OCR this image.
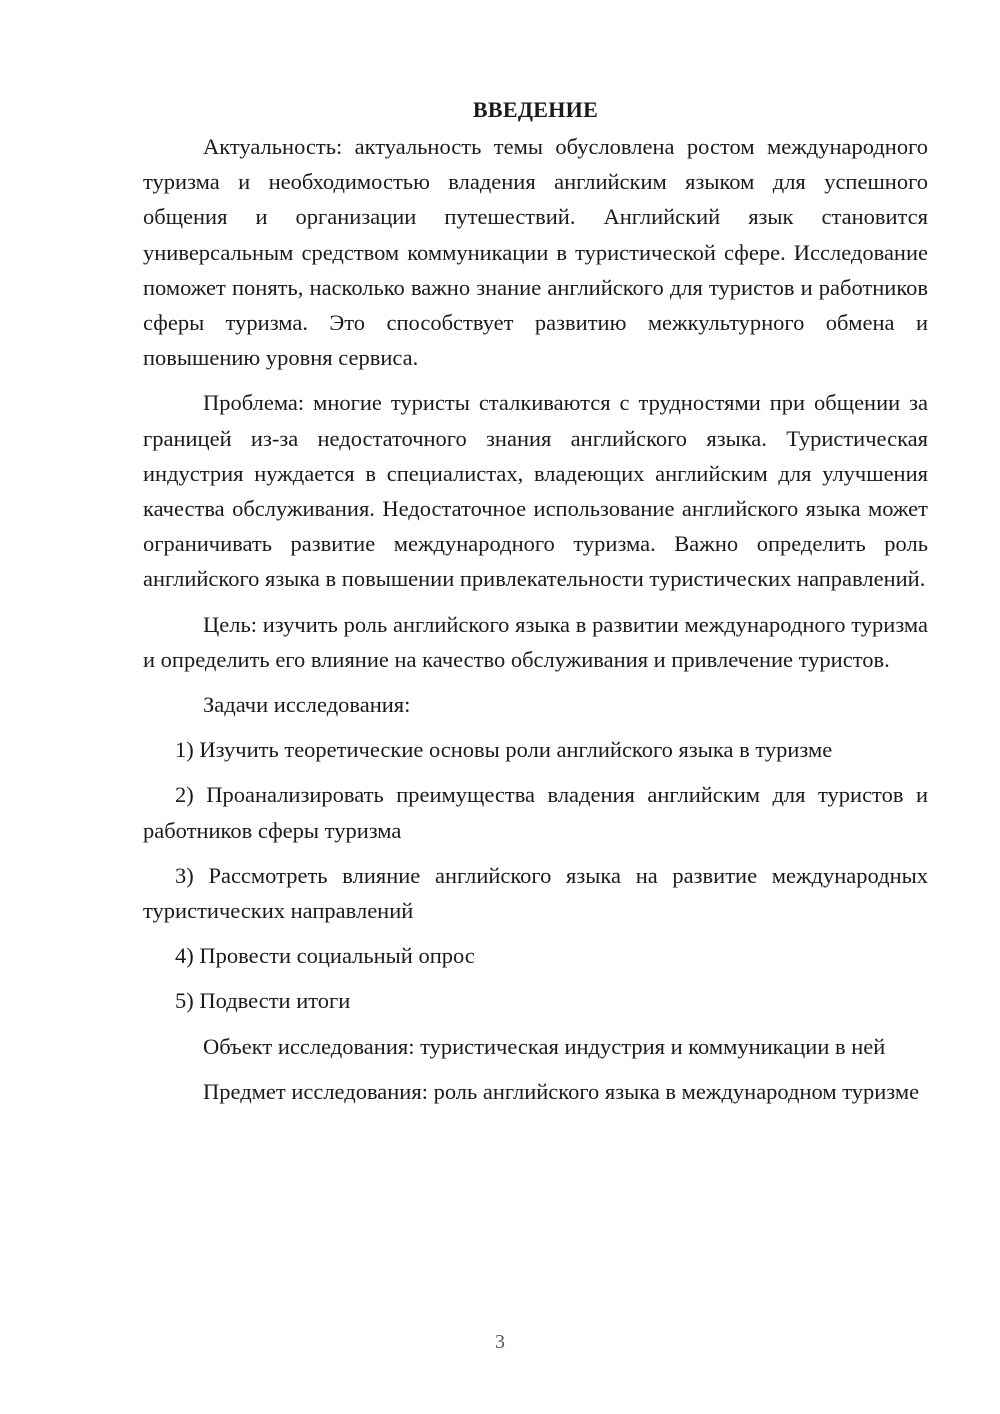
ВВЕДЕНИЕ

Актуальность: актуальность темы обусловлена ростом международного туризма и необходимостью владения английским языком для успешного общения и организации путешествий. Английский язык становится универсальным средством коммуникации в туристической сфере. Исследование поможет понять, насколько важно знание английского для туристов и работников сферы туризма. Это способствует развитию межкультурного обмена и повышению уровня сервиса.

Проблема: многие туристы сталкиваются с трудностями при общении за границей из-за недостаточного знания английского языка. Туристическая индустрия нуждается в специалистах, владеющих английским для улучшения качества обслуживания. Недостаточное использование английского языка может ограничивать развитие международного туризма. Важно определить роль английского языка в повышении привлекательности туристических направлений.

Цель: изучить роль английского языка в развитии международного туризма и определить его влияние на качество обслуживания и привлечение туристов.

Задачи исследования:

1) Изучить теоретические основы роли английского языка в туризме

2) Проанализировать преимущества владения английским для туристов и работников сферы туризма

3) Рассмотреть влияние английского языка на развитие международных туристических направлений

4) Провести социальный опрос

5) Подвести итоги

Объект исследования: туристическая индустрия и коммуникации в ней

Предмет исследования: роль английского языка в международном туризме

3
